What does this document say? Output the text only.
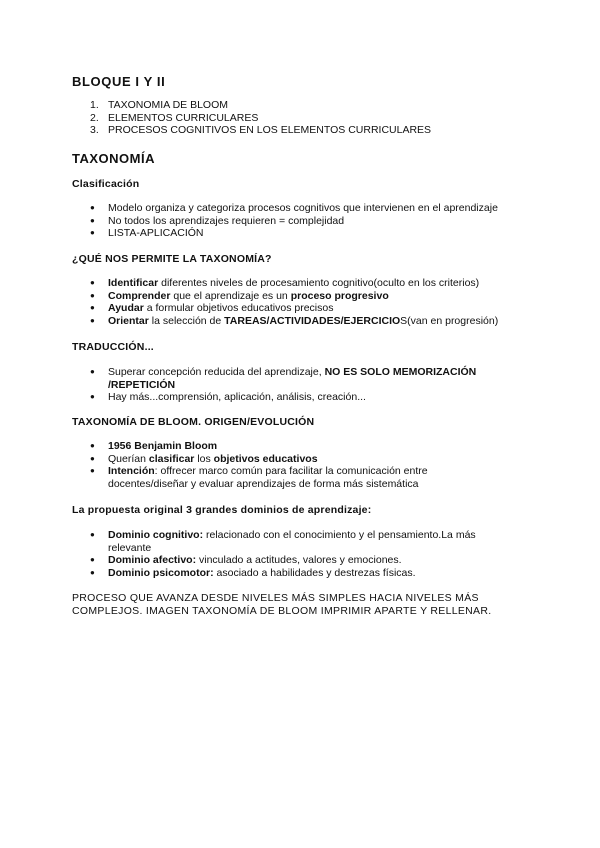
BLOQUE I Y II
1. TAXONOMIA DE BLOOM
2. ELEMENTOS CURRICULARES
3. PROCESOS COGNITIVOS EN LOS ELEMENTOS CURRICULARES
TAXONOMÍA
Clasificación
● Modelo organiza y categoriza procesos cognitivos que intervienen en el aprendizaje
● No todos los aprendizajes requieren = complejidad
● LISTA-APLICACIÓN
¿QUÉ NOS PERMITE LA TAXONOMÍA?
● Identificar diferentes niveles de procesamiento cognitivo(oculto en los criterios)
● Comprender que el aprendizaje es un proceso progresivo
● Ayudar a formular objetivos educativos precisos
● Orientar la selección de TAREAS/ACTIVIDADES/EJERCICIOS(van en progresión)
TRADUCCIÓN...
● Superar concepción reducida del aprendizaje, NO ES SOLO MEMORIZACIÓN /REPETICIÓN
● Hay más...comprensión, aplicación, análisis, creación...
TAXONOMÍA DE BLOOM. ORIGEN/EVOLUCIÓN
● 1956 Benjamin Bloom
● Querían clasificar los objetivos educativos
● Intención: offrecer marco común para facilitar la comunicación entre docentes/diseñar y evaluar aprendizajes de forma más sistemática
La propuesta original 3 grandes dominios de aprendizaje:
● Dominio cognitivo: relacionado con el conocimiento y el pensamiento.La más relevante
● Dominio afectivo: vinculado a actitudes, valores y emociones.
● Dominio psicomotor: asociado a habilidades y destrezas físicas.

PROCESO QUE AVANZA DESDE NIVELES MÁS SIMPLES HACIA NIVELES MÁS COMPLEJOS. IMAGEN TAXONOMÍA DE BLOOM IMPRIMIR APARTE Y RELLENAR.
